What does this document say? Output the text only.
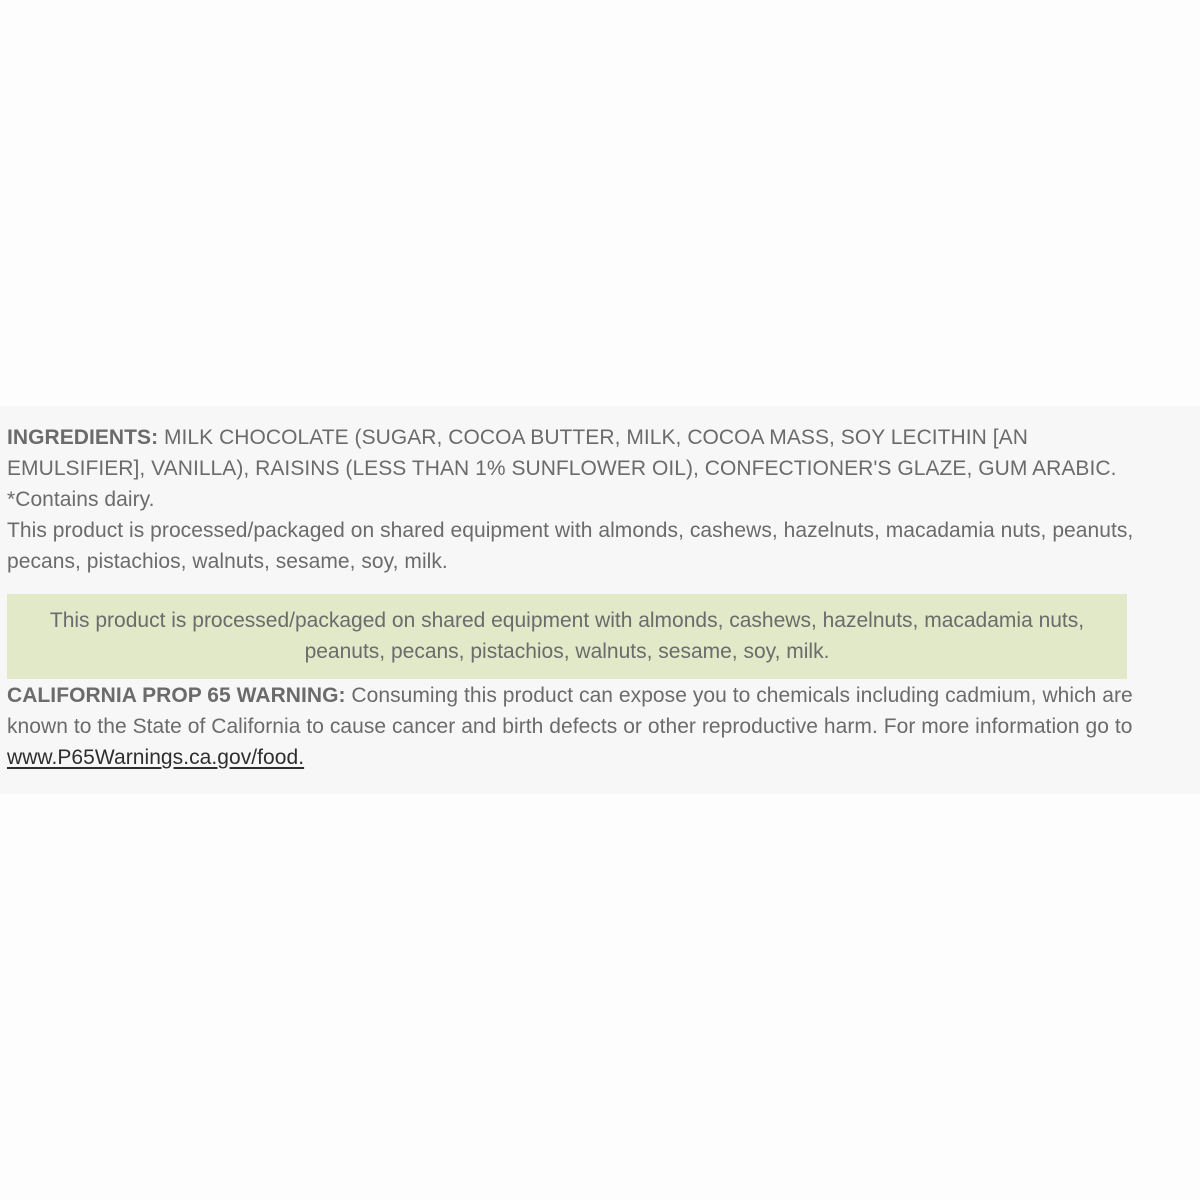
INGREDIENTS: MILK CHOCOLATE (SUGAR, COCOA BUTTER, MILK, COCOA MASS, SOY LECITHIN [AN EMULSIFIER], VANILLA), RAISINS (LESS THAN 1% SUNFLOWER OIL), CONFECTIONER'S GLAZE, GUM ARABIC.
*Contains dairy.
This product is processed/packaged on shared equipment with almonds, cashews, hazelnuts, macadamia nuts, peanuts, pecans, pistachios, walnuts, sesame, soy, milk.

This product is processed/packaged on shared equipment with almonds, cashews, hazelnuts, macadamia nuts, peanuts, pecans, pistachios, walnuts, sesame, soy, milk.

CALIFORNIA PROP 65 WARNING: Consuming this product can expose you to chemicals including cadmium, which are known to the State of California to cause cancer and birth defects or other reproductive harm. For more information go to www.P65Warnings.ca.gov/food.
